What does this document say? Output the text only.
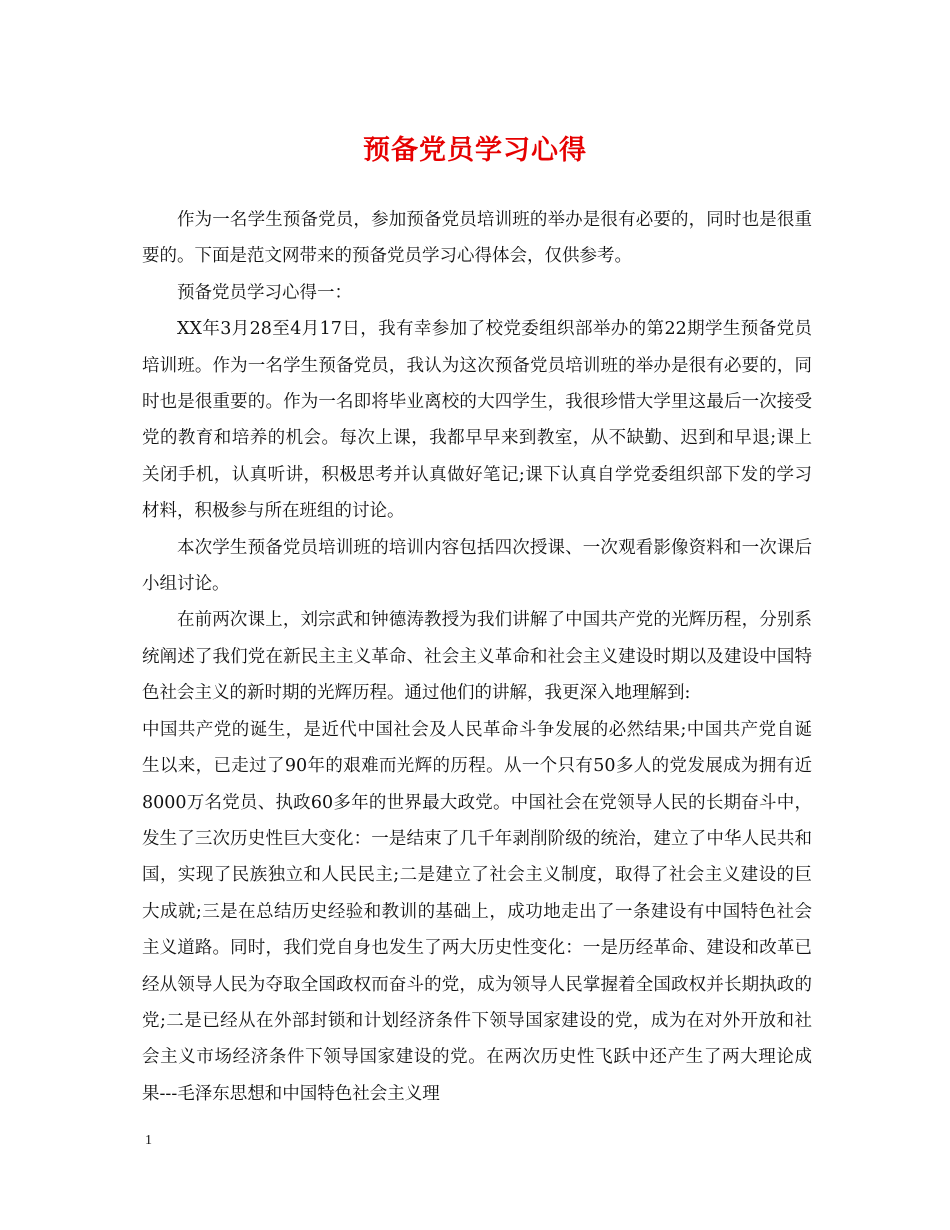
预备党员学习心得

作为一名学生预备党员，参加预备党员培训班的举办是很有必要的，同时也是很重要的。下面是范文网带来的预备党员学习心得体会，仅供参考。

预备党员学习心得一：

XX年3月28至4月17日，我有幸参加了校党委组织部举办的第22期学生预备党员培训班。作为一名学生预备党员，我认为这次预备党员培训班的举办是很有必要的，同时也是很重要的。作为一名即将毕业离校的大四学生，我很珍惜大学里这最后一次接受党的教育和培养的机会。每次上课，我都早早来到教室，从不缺勤、迟到和早退;课上关闭手机，认真听讲，积极思考并认真做好笔记;课下认真自学党委组织部下发的学习材料，积极参与所在班组的讨论。

本次学生预备党员培训班的培训内容包括四次授课、一次观看影像资料和一次课后小组讨论。

在前两次课上，刘宗武和钟德涛教授为我们讲解了中国共产党的光辉历程，分别系统阐述了我们党在新民主主义革命、社会主义革命和社会主义建设时期以及建设中国特色社会主义的新时期的光辉历程。通过他们的讲解，我更深入地理解到:

中国共产党的诞生，是近代中国社会及人民革命斗争发展的必然结果;中国共产党自诞生以来，已走过了90年的艰难而光辉的历程。从一个只有50多人的党发展成为拥有近8000万名党员、执政60多年的世界最大政党。中国社会在党领导人民的长期奋斗中，发生了三次历史性巨大变化：一是结束了几千年剥削阶级的统治，建立了中华人民共和国，实现了民族独立和人民民主;二是建立了社会主义制度，取得了社会主义建设的巨大成就;三是在总结历史经验和教训的基础上，成功地走出了一条建设有中国特色社会主义道路。同时，我们党自身也发生了两大历史性变化：一是历经革命、建设和改革已经从领导人民为夺取全国政权而奋斗的党，成为领导人民掌握着全国政权并长期执政的党;二是已经从在外部封锁和计划经济条件下领导国家建设的党，成为在对外开放和社会主义市场经济条件下领导国家建设的党。在两次历史性飞跃中还产生了两大理论成果---毛泽东思想和中国特色社会主义理

1
